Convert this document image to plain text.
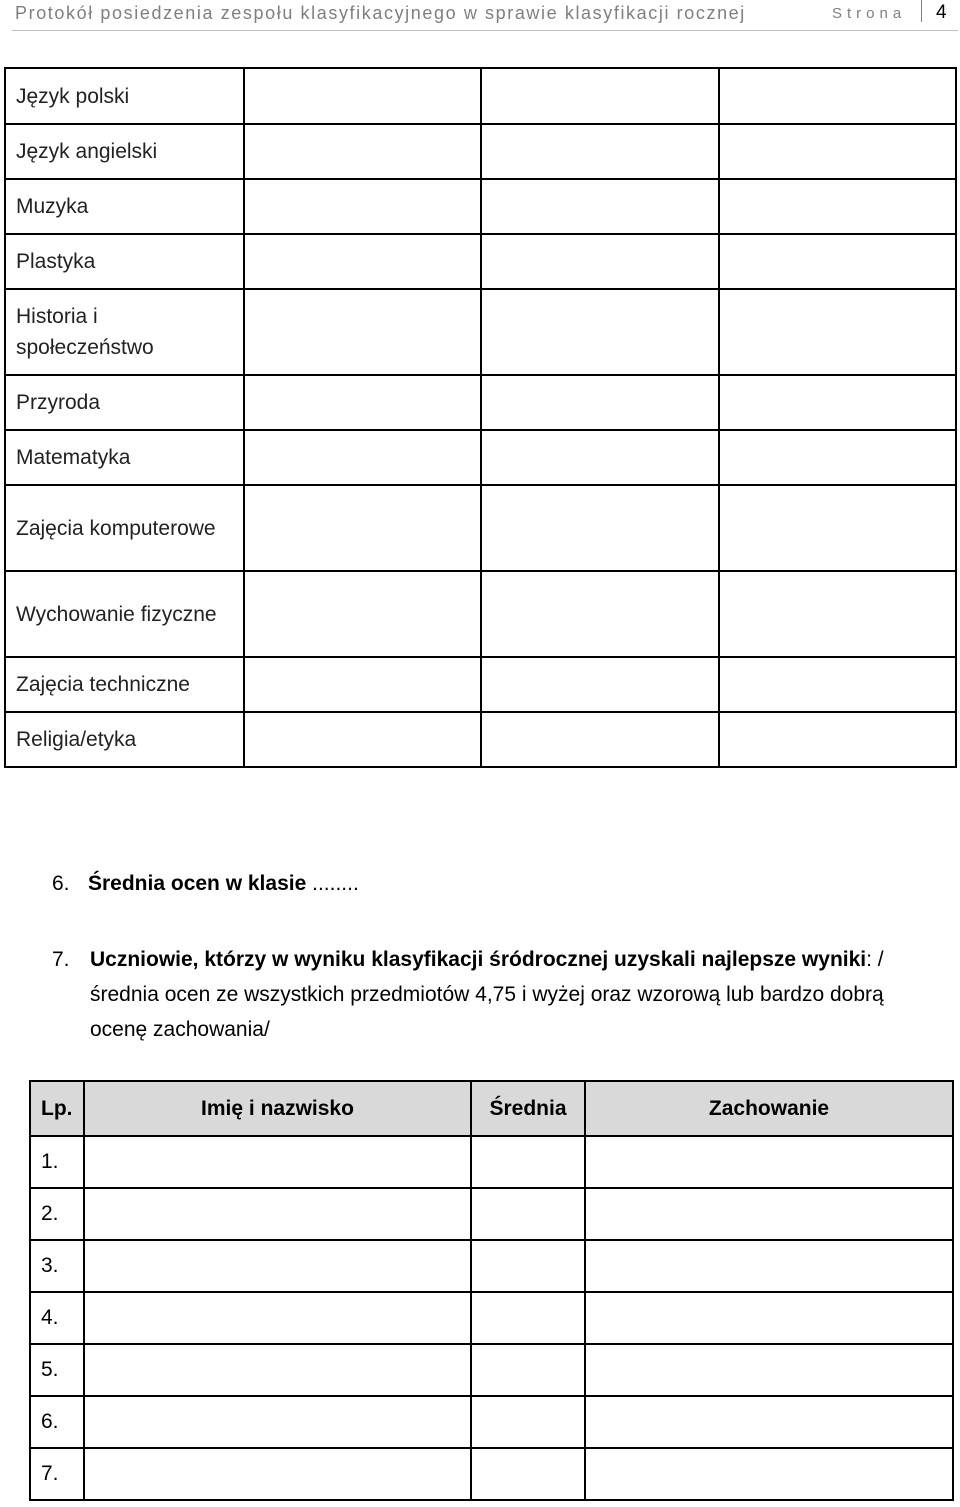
Protokół posiedzenia zespołu klasyfikacyjnego w sprawie klasyfikacji rocznej	Strona 4
Język polski			
Język angielski			
Muzyka			
Plastyka			
Historia i społeczeństwo			
Przyroda			
Matematyka			
Zajęcia komputerowe			
Wychowanie fizyczne			
Zajęcia techniczne			
Religia/etyka			
6. Średnia ocen w klasie ........
7. Uczniowie, którzy w wyniku klasyfikacji śródrocznej uzyskali najlepsze wyniki: /średnia ocen ze wszystkich przedmiotów 4,75 i wyżej oraz wzorową lub bardzo dobrą ocenę zachowania/
Lp.	Imię i nazwisko	Średnia	Zachowanie
1.			
2.			
3.			
4.			
5.			
6.			
7.			
